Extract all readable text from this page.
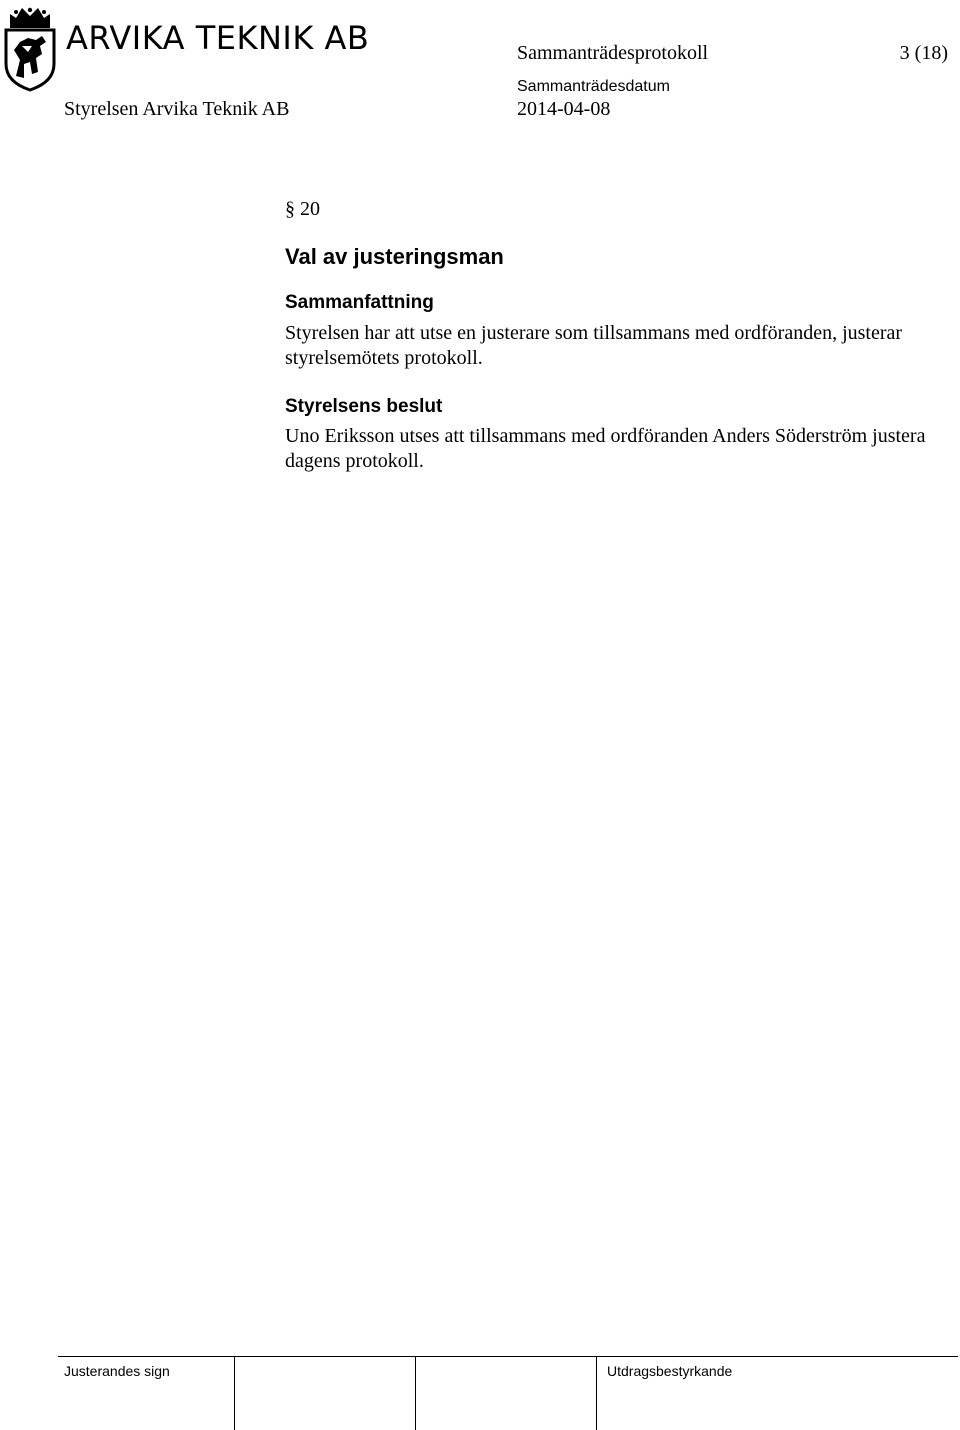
ARVIKA TEKNIK AB	Sammanträdesprotokoll	3 (18)
Styrelsen Arvika Teknik AB
Sammanträdesdatum
2014-04-08
§ 20
Val av justeringsman
Sammanfattning
Styrelsen har att utse en justerare som tillsammans med ordföranden, justerar styrelsemötets protokoll.
Styrelsens beslut
Uno Eriksson utses att tillsammans med ordföranden Anders Söderström justera dagens protokoll.
Justerandes sign	Utdragsbestyrkande
